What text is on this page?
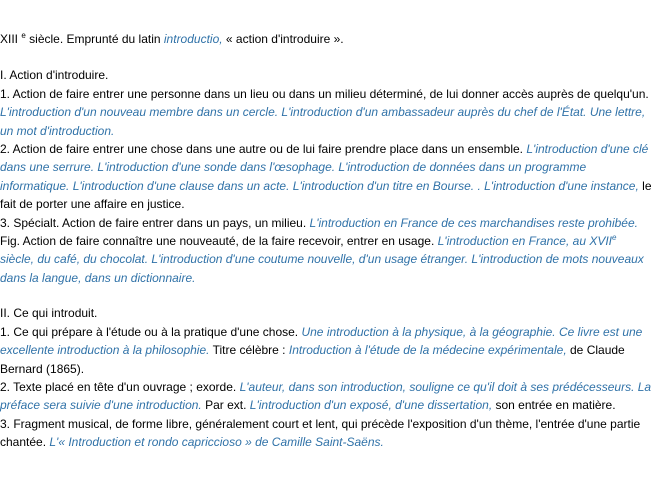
XIII $^e$ siècle. Emprunté du latin introductio, « action d'introduire ».

I. Action d'introduire.

1. Action de faire entrer une personne dans un lieu ou dans un milieu déterminé, de lui donner accès auprès de quelqu'un. L'introduction d'un nouveau membre dans un cercle. L'introduction d'un ambassadeur auprès du chef de l'État. Une lettre, un mot d'introduction.

2. Action de faire entrer une chose dans une autre ou de lui faire prendre place dans un ensemble. L'introduction d'une clé dans une serrure. L'introduction d'une sonde dans l'œsophage. L'introduction de données dans un programme informatique. L'introduction d'une clause dans un acte. L'introduction d'un titre en Bourse. . L'introduction d'une instance, le fait de porter une affaire en justice.

3. Spécialt. Action de faire entrer dans un pays, un milieu. L'introduction en France de ces marchandises reste prohibée.

Fig. Action de faire connaître une nouveauté, de la faire recevoir, entrer en usage. L'introduction en France, au XVIIe siècle, du café, du chocolat. L'introduction d'une coutume nouvelle, d'un usage étranger. L'introduction de mots nouveaux dans la langue, dans un dictionnaire.

II. Ce qui introduit.

1. Ce qui prépare à l'étude ou à la pratique d'une chose. Une introduction à la physique, à la géographie. Ce livre est une excellente introduction à la philosophie. Titre célèbre : Introduction à l'étude de la médecine expérimentale, de Claude Bernard (1865).

2. Texte placé en tête d'un ouvrage ; exorde. L'auteur, dans son introduction, souligne ce qu'il doit à ses prédécesseurs. La préface sera suivie d'une introduction. Par ext. L'introduction d'un exposé, d'une dissertation, son entrée en matière.

3. Fragment musical, de forme libre, généralement court et lent, qui précède l'exposition d'un thème, l'entrée d'une partie chantée. L'« Introduction et rondo capriccioso » de Camille Saint-Saëns.
